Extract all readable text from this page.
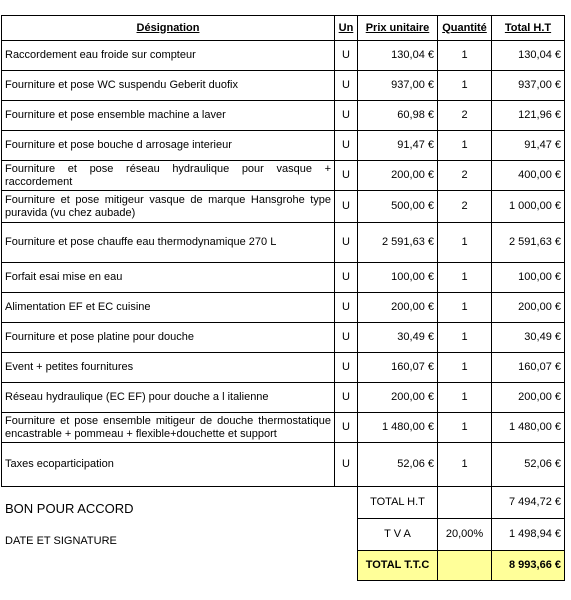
Désignation	Un	Prix unitaire	Quantité	Total H.T
Raccordement eau froide sur compteur	U	130,04 €	1	130,04 €
Fourniture et pose WC suspendu Geberit duofix	U	937,00 €	1	937,00 €
Fourniture et pose ensemble machine a laver	U	60,98 €	2	121,96 €
Fourniture et pose bouche d arrosage interieur	U	91,47 €	1	91,47 €
Fourniture et pose réseau hydraulique pour vasque + raccordement	U	200,00 €	2	400,00 €
Fourniture et pose mitigeur vasque de marque Hansgrohe type puravida (vu chez aubade)	U	500,00 €	2	1 000,00 €
Fourniture et pose chauffe eau thermodynamique 270 L	U	2 591,63 €	1	2 591,63 €
Forfait esai mise en eau	U	100,00 €	1	100,00 €
Alimentation EF et EC cuisine	U	200,00 €	1	200,00 €
Fourniture et pose platine pour douche	U	30,49 €	1	30,49 €
Event + petites fournitures	U	160,07 €	1	160,07 €
Réseau hydraulique (EC EF) pour douche a l italienne	U	200,00 €	1	200,00 €
Fourniture et pose ensemble mitigeur de douche thermostatique encastrable + pommeau + flexible+douchette et support	U	1 480,00 €	1	1 480,00 €
Taxes ecoparticipation	U	52,06 €	1	52,06 €
		TOTAL H.T		7 494,72 €
		T V A	20,00%	1 498,94 €
		TOTAL T.T.C		8 993,66 €
BON POUR ACCORD
DATE ET SIGNATURE
